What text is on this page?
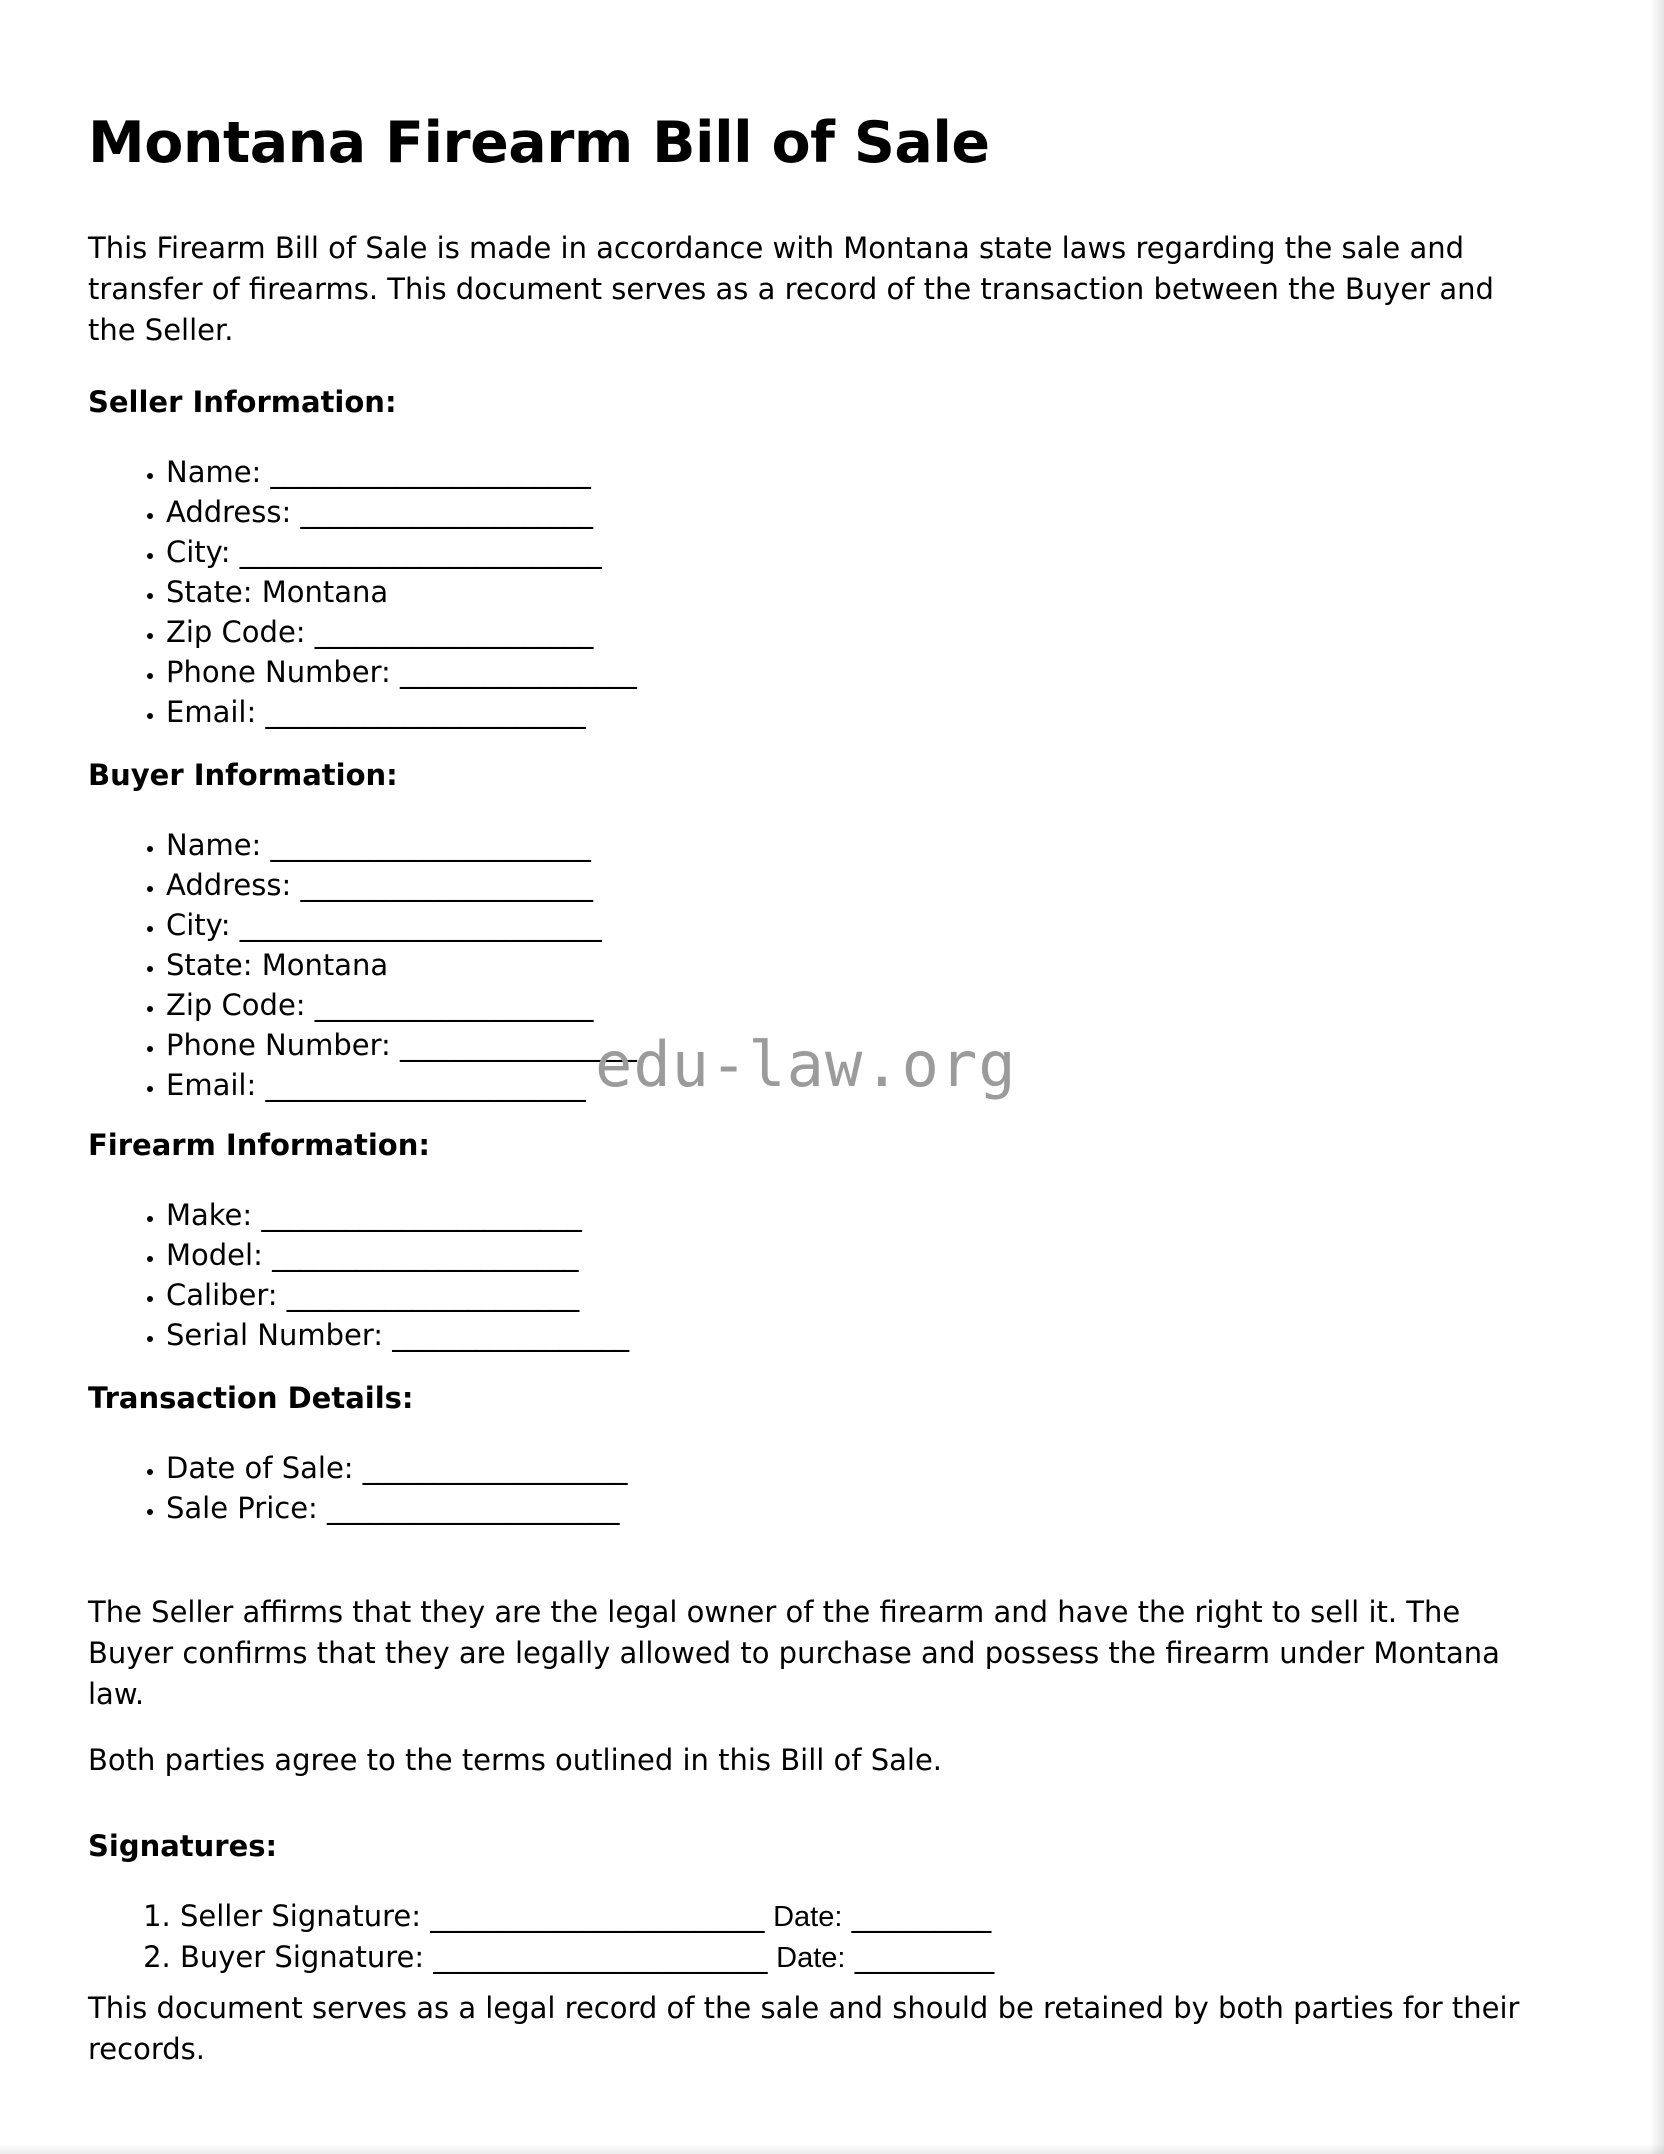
Montana Firearm Bill of Sale

This Firearm Bill of Sale is made in accordance with Montana state laws regarding the sale and transfer of firearms. This document serves as a record of the transaction between the Buyer and the Seller.

Seller Information:
• Name: _______________________
• Address: _____________________
• City: __________________________
• State: Montana
• Zip Code: ____________________
• Phone Number: _________________
• Email: _______________________
Buyer Information:
• Name: _______________________
• Address: _____________________
• City: __________________________
• State: Montana
• Zip Code: ____________________
• Phone Number: _________________
• Email: _______________________
Firearm Information:
• Make: _______________________
• Model: ______________________
• Caliber: _____________________
• Serial Number: _________________
Transaction Details:
• Date of Sale: ___________________
• Sale Price: _____________________

The Seller affirms that they are the legal owner of the firearm and have the right to sell it. The Buyer confirms that they are legally allowed to purchase and possess the firearm under Montana law.

Both parties agree to the terms outlined in this Bill of Sale.

Signatures:
1. Seller Signature: ________________________ Date: __________
2. Buyer Signature: ________________________ Date: __________

This document serves as a legal record of the sale and should be retained by both parties for their records.

edu-law.org
